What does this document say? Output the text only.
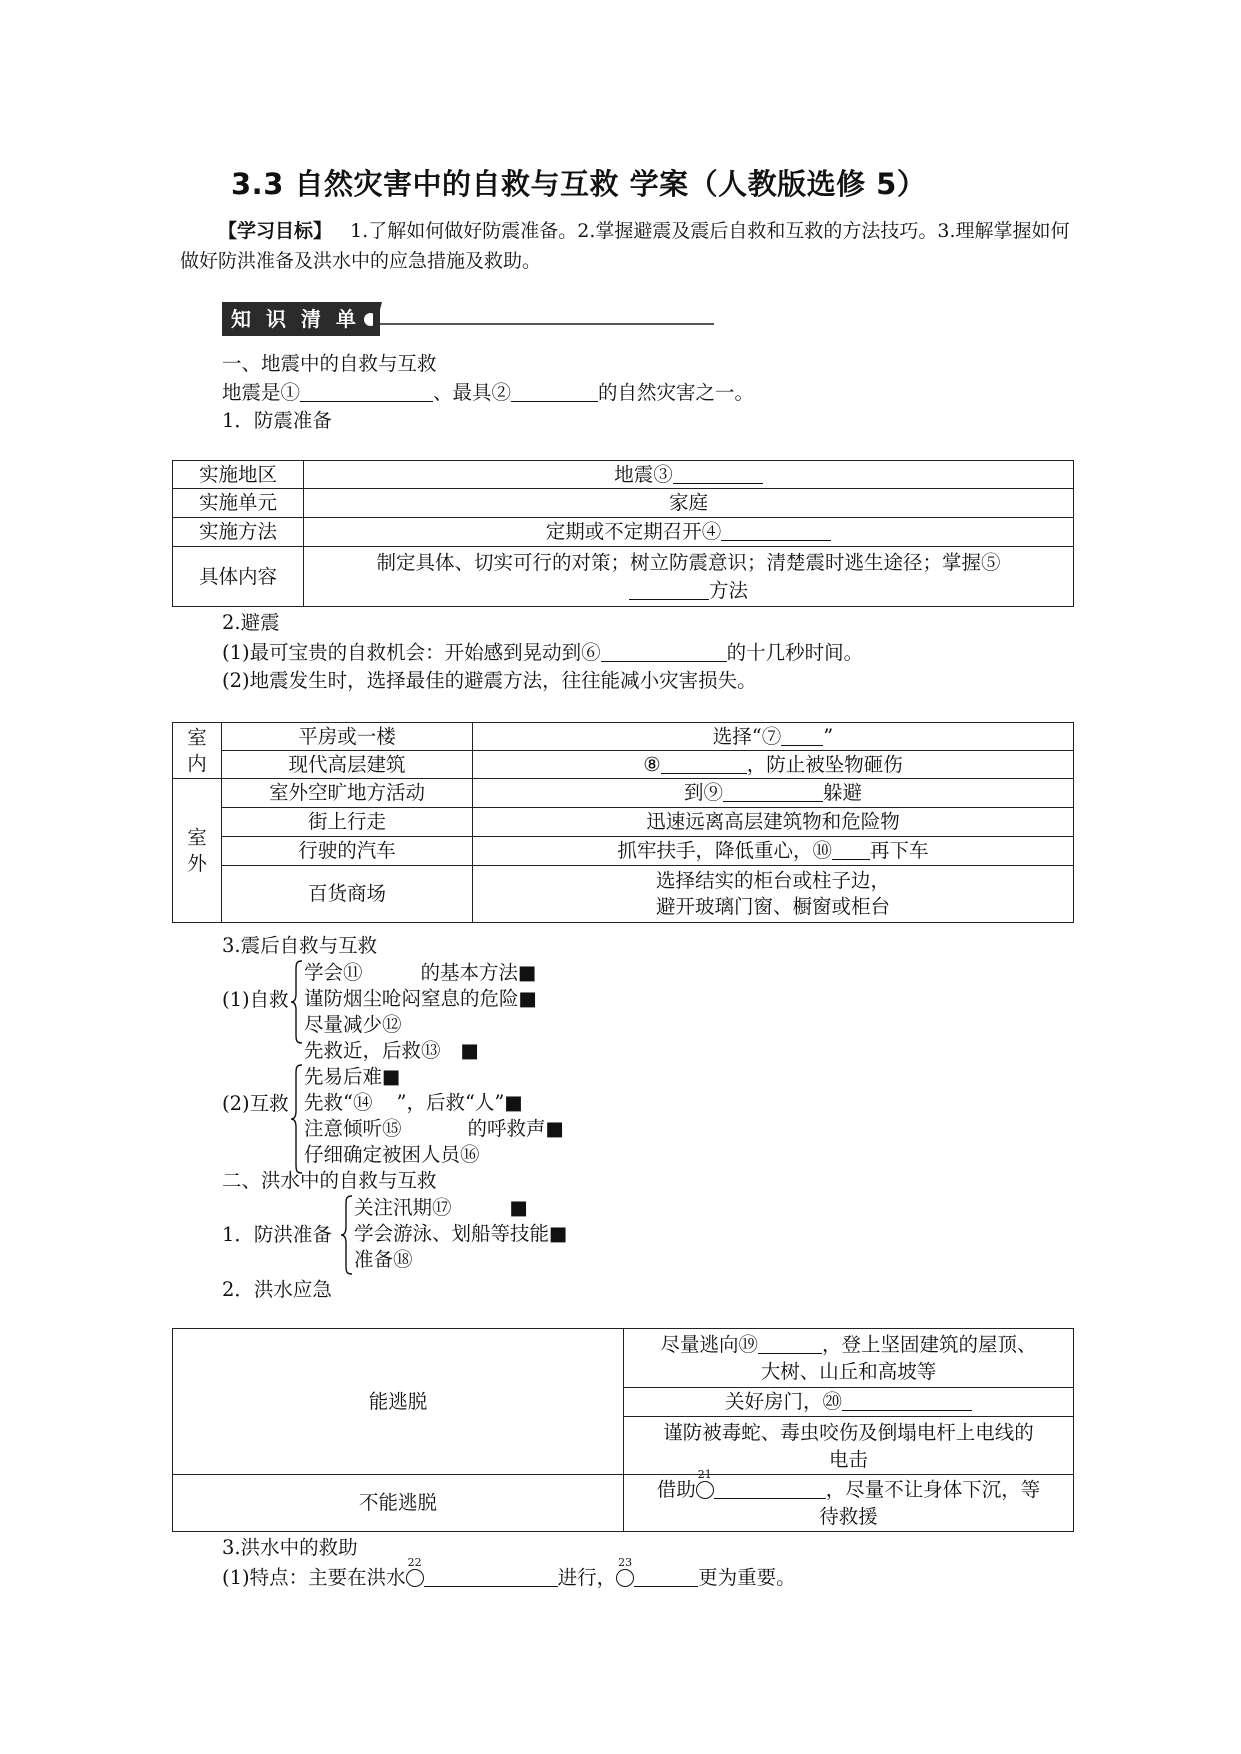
3.3 自然灾害中的自救与互救 学案（人教版选修 5）
【学习目标】 1.了解如何做好防震准备。2.掌握避震及震后自救和互救的方法技巧。3.理解掌握如何做好防洪准备及洪水中的应急措施及救助。
知 识 清 单
一、地震中的自救与互救
地震是①	、最具②	的自然灾害之一。
1．防震准备
实施地区	地震③
实施单元	家庭
实施方法	定期或不定期召开④
具体内容	制定具体、切实可行的对策；树立防震意识；清楚震时逃生途径；掌握⑤
方法
2.避震
(1)最可宝贵的自救机会：开始感到晃动到⑥	的十几秒时间。
(2)地震发生时，选择最佳的避震方法，往往能减小灾害损失。
室
内	平房或一楼	选择“⑦ ”
	现代高层建筑	⑧ ，防止被坠物砸伤

室
外	室外空旷地方活动	到⑨ 躲避
	街上行走	迅速远离高层建筑物和危险物
	行驶的汽车	抓牢扶手，降低重心，⑩ 再下车
	百货商场	选择结实的柜台或柱子边，
避开玻璃门窗、橱窗或柜台
3.震后自救与互救
(1)自救
学会⑪	的基本方法■
谨防烟尘呛闷窒息的危险■
尽量减少⑫
(2)互救
先救近，后救⑬ ■
先易后难■
先救“⑭ ”，后救“人”■
注意倾听⑮	的呼救声■
仔细确定被困人员⑯
二、洪水中的自救与互救
1．防洪准备
关注汛期⑰	■
学会游泳、划船等技能■
准备⑱
2．洪水应急
能逃脱	尽量逃向⑲ ，登上坚固建筑的屋顶、
大树、山丘和高坡等

	关好房门，⑳

	谨防被毒蛇、毒虫咬伤及倒塌电杆上电线的
电击

不能逃脱	借助
21
，尽量不让身体下沉，等
待救援
3.洪水中的救助
(1)特点：主要在洪水
22
进行，
23
更为重要。
